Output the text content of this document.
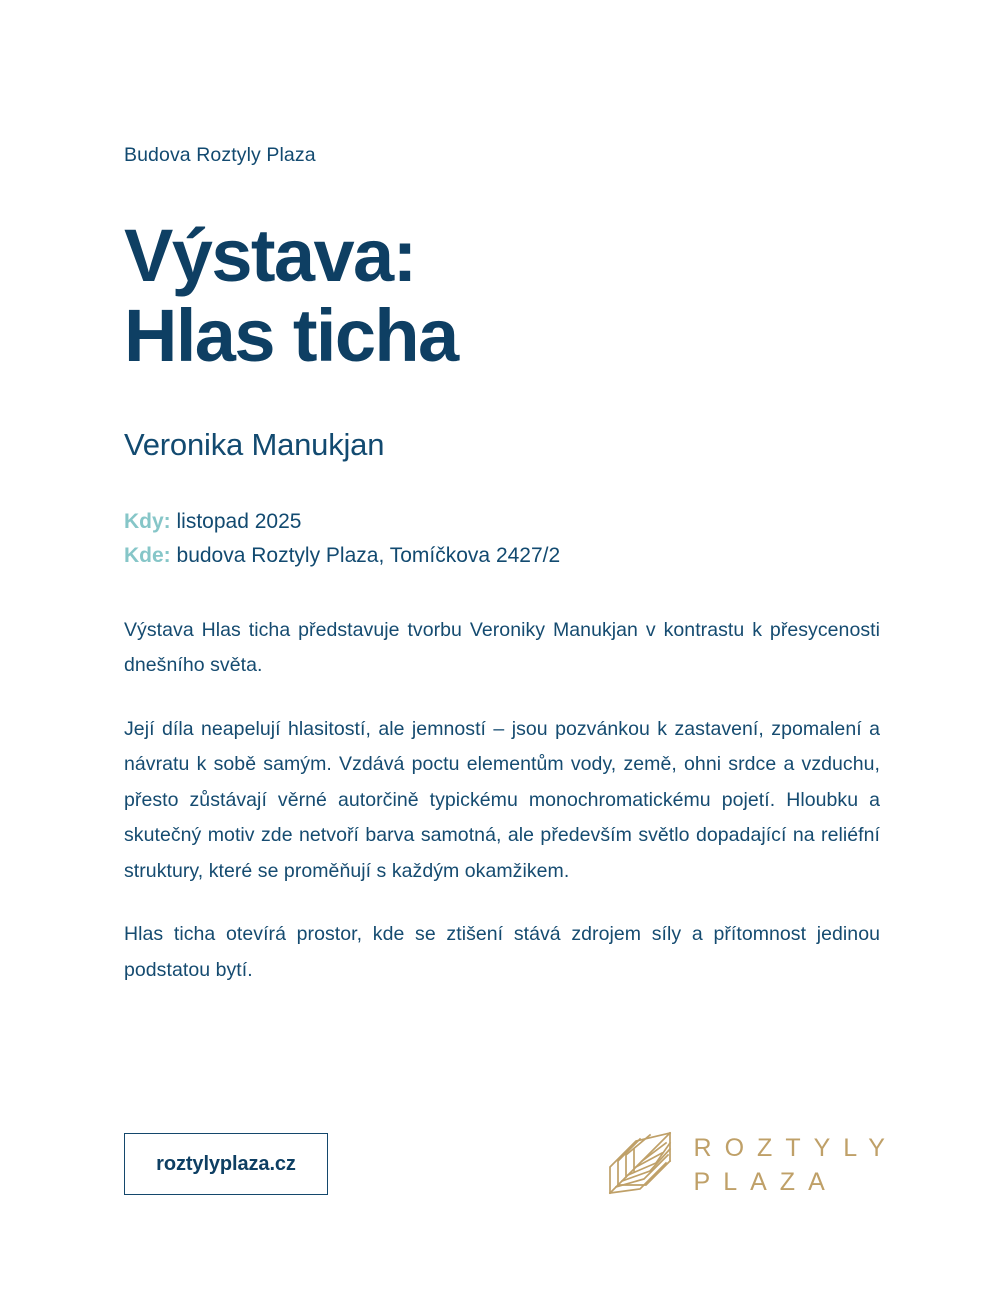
Budova Roztyly Plaza
Výstava:
Hlas ticha
Veronika Manukjan
Kdy: listopad 2025
Kde: budova Roztyly Plaza, Tomíčkova 2427/2

Výstava Hlas ticha představuje tvorbu Veroniky Manukjan v kontrastu k přesycenosti dnešního světa.

Její díla neapelují hlasitostí, ale jemností – jsou pozvánkou k zastavení, zpomalení a návratu k sobě samým. Vzdává poctu elementům vody, země, ohni srdce a vzduchu, přesto zůstávají věrné autorčině typickému monochromatickému pojetí. Hloubku a skutečný motiv zde netvoří barva samotná, ale především světlo dopadající na reliéfní struktury, které se proměňují s každým okamžikem.

Hlas ticha otevírá prostor, kde se ztišení stává zdrojem síly a přítomnost jedinou podstatou bytí.

roztylyplaza.cz
ROZTYLY
PLAZA
